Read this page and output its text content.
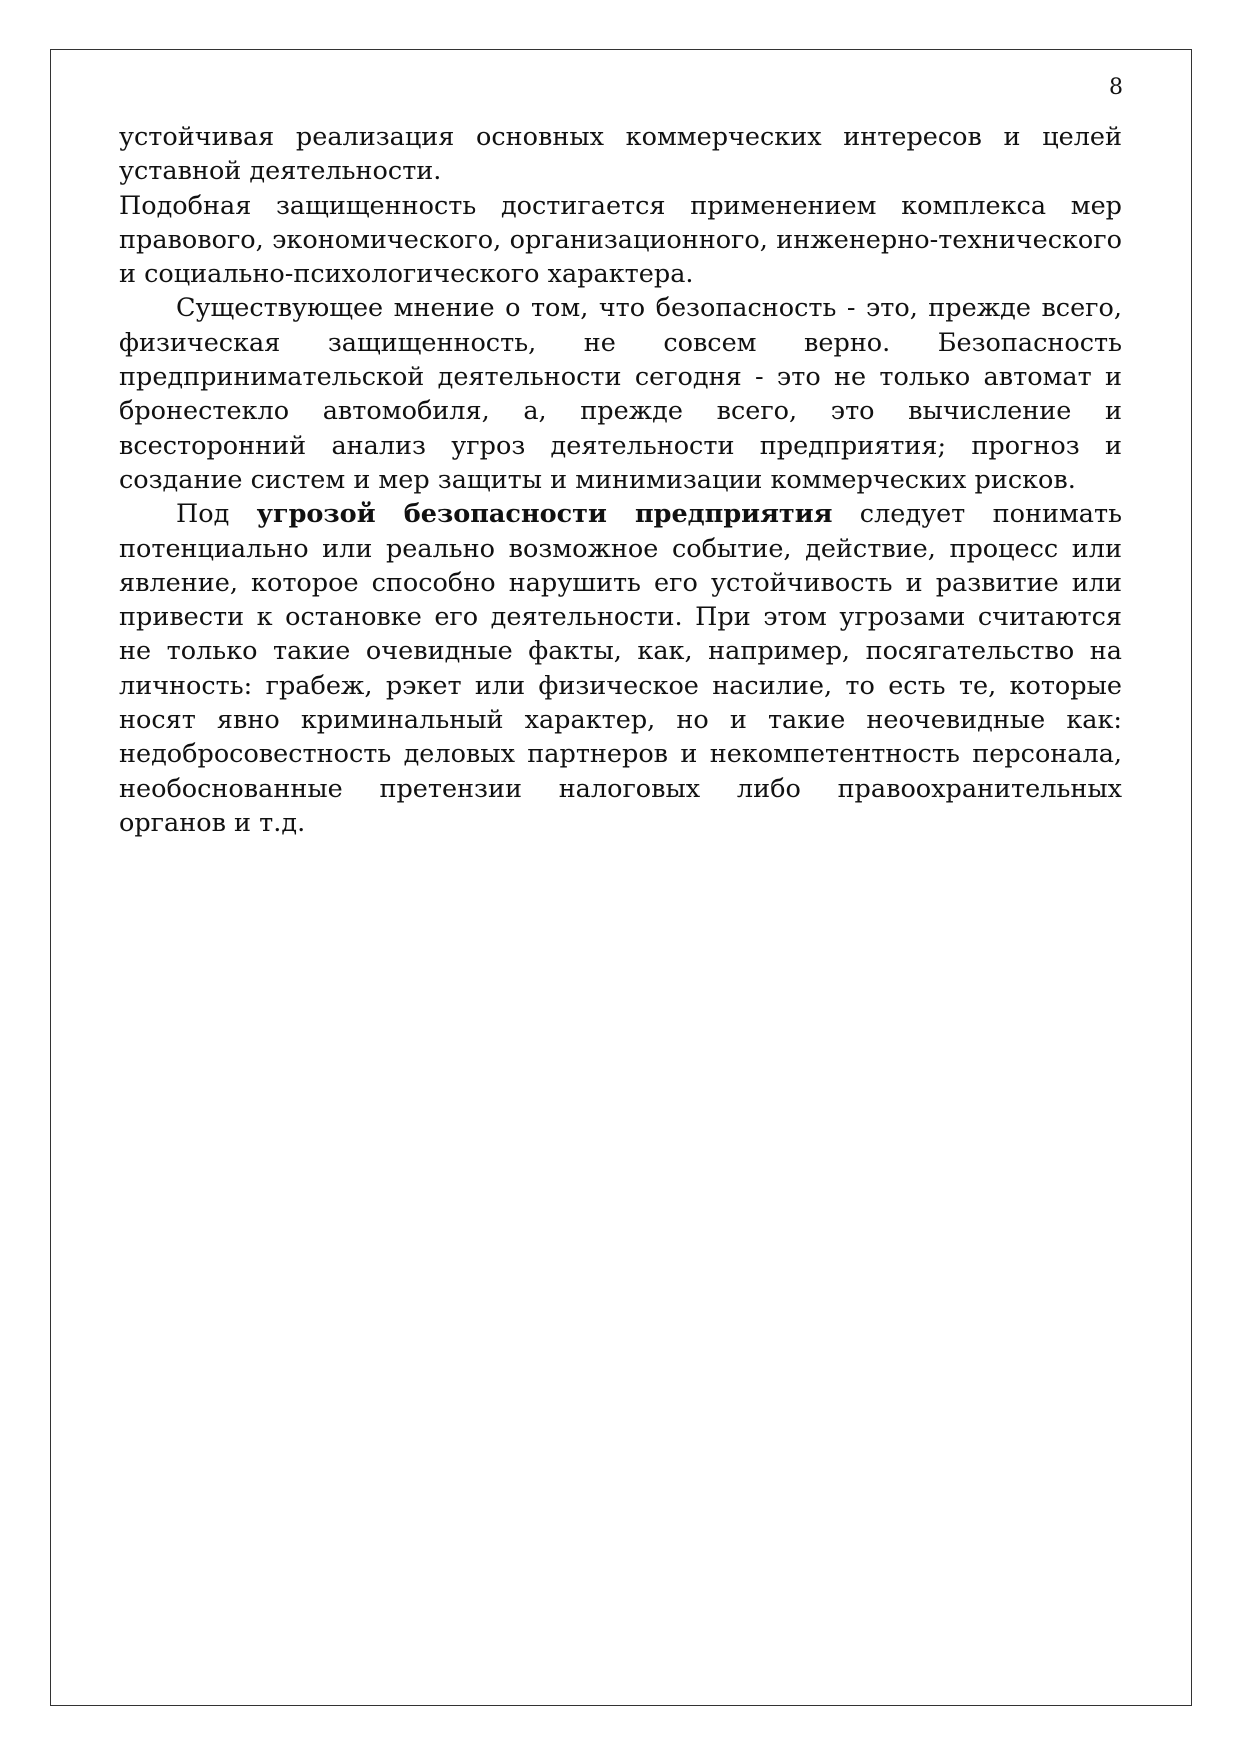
8

устойчивая реализация основных коммерческих интересов и целей уставной деятельности.

Подобная защищенность достигается применением комплекса мер правового, экономического, организационного, инженерно-технического и социально-психологического характера.

Существующее мнение о том, что безопасность - это, прежде всего, физическая защищенность, не совсем верно. Безопасность предпринимательской деятельности сегодня - это не только автомат и бронестекло автомобиля, а, прежде всего, это вычисление и всесторонний анализ угроз деятельности предприятия; прогноз и создание систем и мер защиты и минимизации коммерческих рисков.

Под угрозой безопасности предприятия следует понимать потенциально или реально возможное событие, действие, процесс или явление, которое способно нарушить его устойчивость и развитие или привести к остановке его деятельности. При этом угрозами считаются не только такие очевидные факты, как, например, посягательство на личность: грабеж, рэкет или физическое насилие, то есть те, которые носят явно криминальный характер, но и такие неочевидные как: недобросовестность деловых партнеров и некомпетентность персонала, необоснованные претензии налоговых либо правоохранительных органов и т.д.
